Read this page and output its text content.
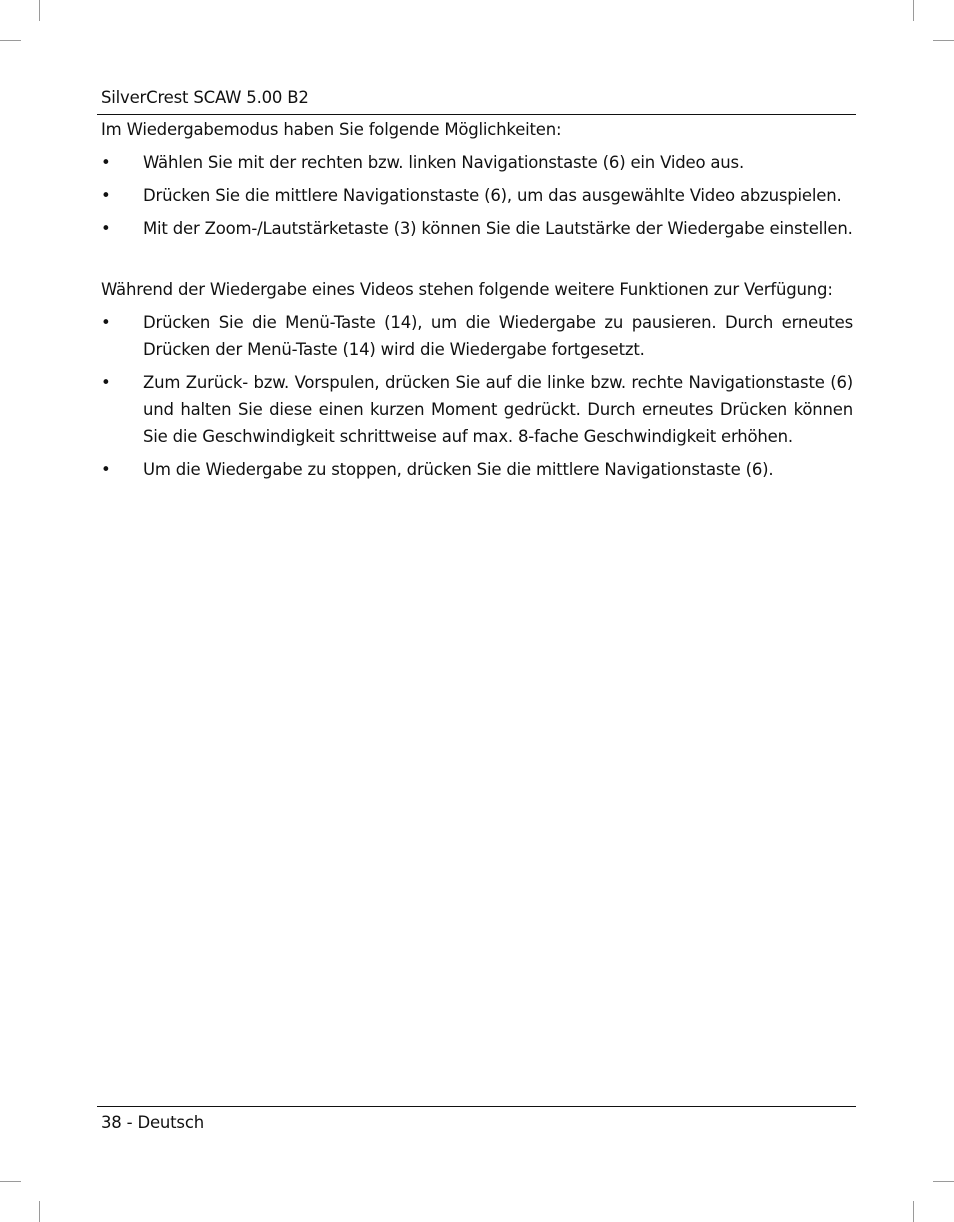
SilverCrest SCAW 5.00 B2

Im Wiedergabemodus haben Sie folgende Möglichkeiten:

• Wählen Sie mit der rechten bzw. linken Navigationstaste (6) ein Video aus.
• Drücken Sie die mittlere Navigationstaste (6), um das ausgewählte Video abzuspielen.
• Mit der Zoom-/Lautstärketaste (3) können Sie die Lautstärke der Wiedergabe einstellen.

Während der Wiedergabe eines Videos stehen folgende weitere Funktionen zur Verfügung:

• Drücken Sie die Menü-Taste (14), um die Wiedergabe zu pausieren. Durch erneutes Drücken der Menü-Taste (14) wird die Wiedergabe fortgesetzt.
• Zum Zurück- bzw. Vorspulen, drücken Sie auf die linke bzw. rechte Navigationstaste (6) und halten Sie diese einen kurzen Moment gedrückt. Durch erneutes Drücken können Sie die Geschwindigkeit schrittweise auf max. 8-fache Geschwindigkeit erhöhen.
• Um die Wiedergabe zu stoppen, drücken Sie die mittlere Navigationstaste (6).
38 - Deutsch
